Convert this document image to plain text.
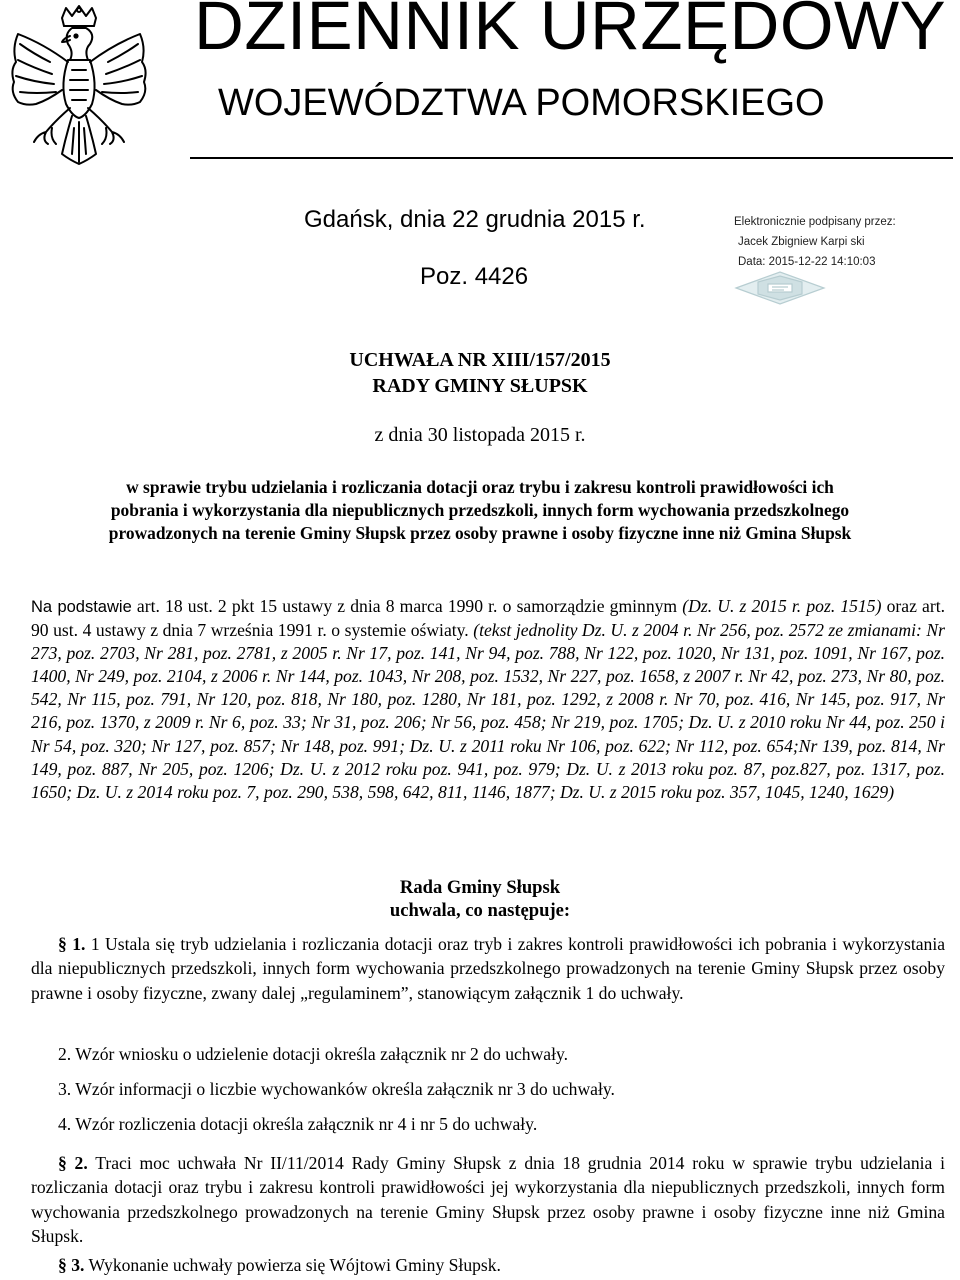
DZIENNIK URZĘDOWY
WOJEWÓDZTWA POMORSKIEGO
Gdańsk, dnia 22 grudnia 2015 r.
Poz. 4426
Elektronicznie podpisany przez:
Jacek Zbigniew Karpi ski
Data: 2015-12-22 14:10:03
UCHWAŁA NR XIII/157/2015
RADY GMINY SŁUPSK
z dnia 30 listopada 2015 r.
w sprawie trybu udzielania i rozliczania dotacji oraz trybu i zakresu kontroli prawidłowości ich
pobrania i wykorzystania dla niepublicznych przedszkoli, innych form wychowania przedszkolnego
prowadzonych na terenie Gminy Słupsk przez osoby prawne i osoby fizyczne inne niż Gmina Słupsk
Na podstawie art. 18 ust. 2 pkt 15 ustawy z dnia 8 marca 1990 r. o samorządzie gminnym (Dz. U. z 2015 r. poz. 1515) oraz art. 90 ust. 4 ustawy z dnia 7 września 1991 r. o systemie oświaty. (tekst jednolity Dz. U. z 2004 r. Nr 256, poz. 2572 ze zmianami: Nr 273, poz. 2703, Nr 281, poz. 2781, z 2005 r. Nr 17, poz. 141, Nr 94, poz. 788, Nr 122, poz. 1020, Nr 131, poz. 1091, Nr 167, poz. 1400, Nr 249, poz. 2104, z 2006 r. Nr 144, poz. 1043, Nr 208, poz. 1532, Nr 227, poz. 1658, z 2007 r. Nr 42, poz. 273, Nr 80, poz. 542, Nr 115, poz. 791, Nr 120, poz. 818, Nr 180, poz. 1280, Nr 181, poz. 1292, z 2008 r. Nr 70, poz. 416, Nr 145, poz. 917, Nr 216, poz. 1370, z 2009 r. Nr 6, poz. 33; Nr 31, poz. 206; Nr 56, poz. 458; Nr 219, poz. 1705; Dz. U. z 2010 roku Nr 44, poz. 250 i Nr 54, poz. 320; Nr 127, poz. 857; Nr 148, poz. 991; Dz. U. z 2011 roku Nr 106, poz. 622; Nr 112, poz. 654;Nr 139, poz. 814, Nr 149, poz. 887, Nr 205, poz. 1206; Dz. U. z 2012 roku poz. 941, poz. 979; Dz. U. z 2013 roku poz. 87, poz.827, poz. 1317, poz. 1650; Dz. U. z 2014 roku poz. 7, poz. 290, 538, 598, 642, 811, 1146, 1877; Dz. U. z 2015 roku poz. 357, 1045, 1240, 1629)
Rada Gminy Słupsk
uchwala, co następuje:
§ 1. 1 Ustala się tryb udzielania i rozliczania dotacji oraz tryb i zakres kontroli prawidłowości ich pobrania i wykorzystania dla niepublicznych przedszkoli, innych form wychowania przedszkolnego prowadzonych na terenie Gminy Słupsk przez osoby prawne i osoby fizyczne, zwany dalej „regulaminem”, stanowiącym załącznik 1 do uchwały.
2. Wzór wniosku o udzielenie dotacji określa załącznik nr 2 do uchwały.
3. Wzór informacji o liczbie wychowanków określa załącznik nr 3 do uchwały.
4. Wzór rozliczenia dotacji określa załącznik nr 4 i nr 5 do uchwały.
§ 2. Traci moc uchwała Nr II/11/2014 Rady Gminy Słupsk z dnia 18 grudnia 2014 roku w sprawie trybu udzielania i rozliczania dotacji oraz trybu i zakresu kontroli prawidłowości jej wykorzystania dla niepublicznych przedszkoli, innych form wychowania przedszkolnego prowadzonych na terenie Gminy Słupsk przez osoby prawne i osoby fizyczne inne niż Gmina Słupsk.
§ 3. Wykonanie uchwały powierza się Wójtowi Gminy Słupsk.
